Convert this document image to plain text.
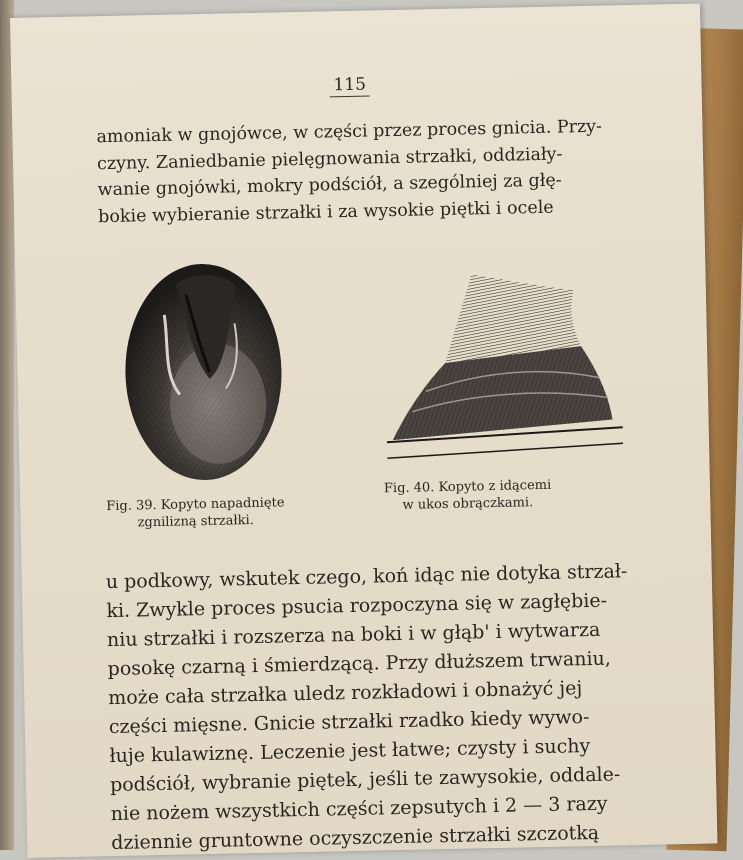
115
amoniak w gnojówce, w części przez proces gnicia. Przy-
czyny. Zaniedbanie pielęgnowania strzałki, oddziały-
wanie gnojówki, mokry podściół, a szególniej za głę-
bokie wybieranie strzałki i za wysokie piętki i ocele
Fig. 39. Kopyto napadnięte
zgnilizną strzałki.
Fig. 40. Kopyto z idącemi
w ukos obrączkami.
u podkowy, wskutek czego, koń idąc nie dotyka strzał-
ki. Zwykle proces psucia rozpoczyna się w zagłębie-
niu strzałki i rozszerza na boki i w głąb' i wytwarza
posokę czarną i śmierdzącą. Przy dłuższem trwaniu,
może cała strzałka uledz rozkładowi i obnażyć jej
części mięsne. Gnicie strzałki rzadko kiedy wywo-
łuje kulawiznę. Leczenie jest łatwe; czysty i suchy
podściół, wybranie piętek, jeśli te zawysokie, oddale-
nie nożem wszystkich części zepsutych i 2 — 3 razy
dziennie gruntowne oczyszczenie strzałki szczotką
